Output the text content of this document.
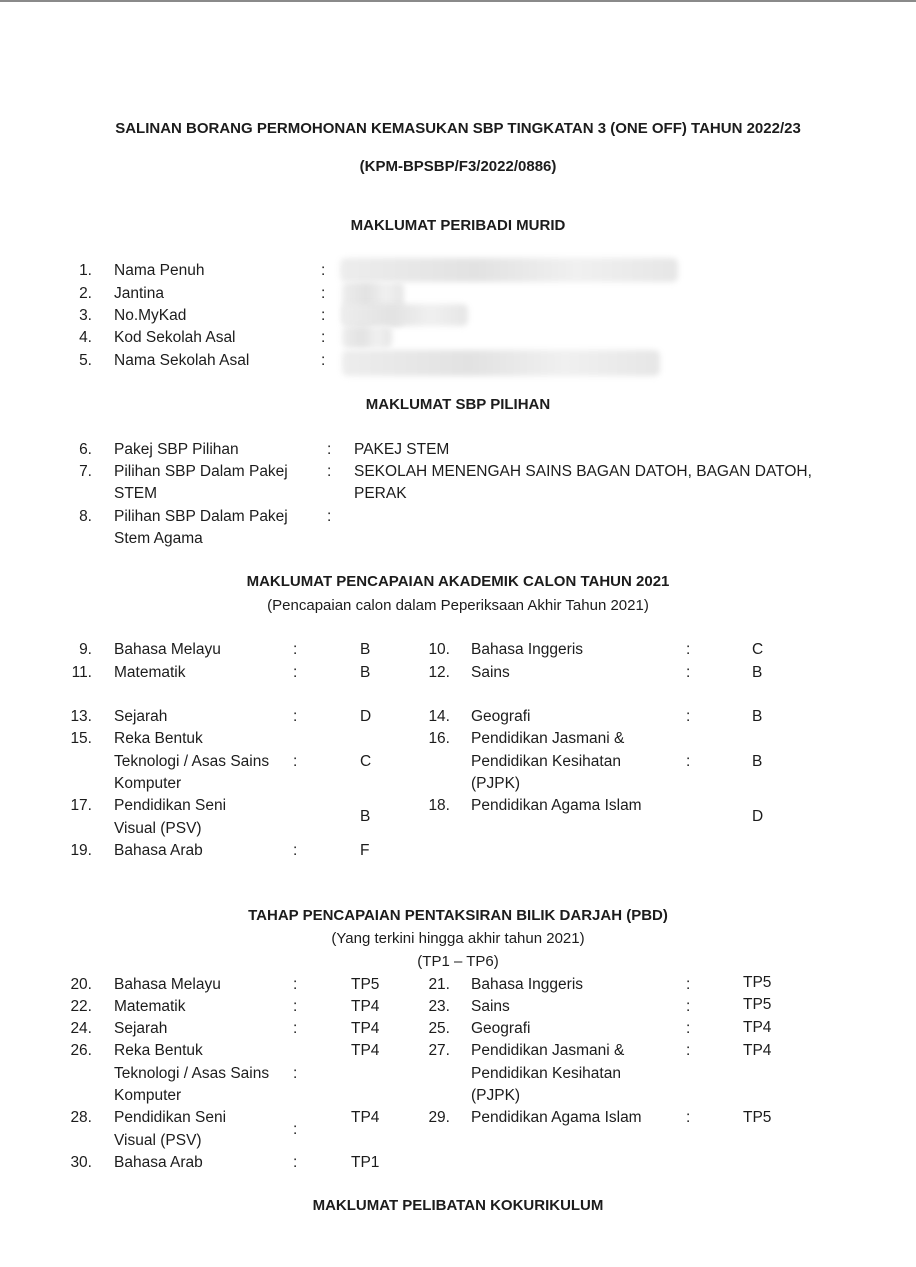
SALINAN BORANG PERMOHONAN KEMASUKAN SBP TINGKATAN 3 (ONE OFF) TAHUN 2022/23
(KPM-BPSBP/F3/2022/0886)
MAKLUMAT PERIBADI MURID
1. Nama Penuh	:
2. Jantina	:
3. No.MyKad	:
4. Kod Sekolah Asal	:
5. Nama Sekolah Asal	:
MAKLUMAT SBP PILIHAN
6. Pakej SBP Pilihan	: PAKEJ STEM
7. Pilihan SBP Dalam Pakej
STEM
: SEKOLAH MENENGAH SAINS BAGAN DATOH, BAGAN DATOH,
PERAK
8. Pilihan SBP Dalam Pakej
Stem Agama
:
MAKLUMAT PENCAPAIAN AKADEMIK CALON TAHUN 2021
(Pencapaian calon dalam Peperiksaan Akhir Tahun 2021)
9. Bahasa Melayu	:	B
11. Matematik	:	B
13. Sejarah	:	D
15. Reka Bentuk
Teknologi / Asas Sains
Komputer
:	C
17. Pendidikan Seni
Visual (PSV)
B
19. Bahasa Arab	:	F
10. Bahasa Inggeris	:	C
12. Sains	:	B
14. Geografi	:	B
16. Pendidikan Jasmani &
Pendidikan Kesihatan
(PJPK)
:	B
18. Pendidikan Agama Islam
D
TAHAP PENCAPAIAN PENTAKSIRAN BILIK DARJAH (PBD)
(Yang terkini hingga akhir tahun 2021)
(TP1 – TP6)
20. Bahasa Melayu	:	TP5
22. Matematik	:	TP4
24. Sejarah	:	TP4
26. Reka Bentuk
Teknologi / Asas Sains
Komputer
:
TP4
28. Pendidikan Seni
Visual (PSV)
:
TP4
30. Bahasa Arab	:	TP1
21. Bahasa Inggeris	:	TP5
23. Sains	:	TP5
25. Geografi	:	TP4
27. Pendidikan Jasmani &
Pendidikan Kesihatan
(PJPK)
:	TP4
29. Pendidikan Agama Islam	:	TP5
MAKLUMAT PELIBATAN KOKURIKULUM
